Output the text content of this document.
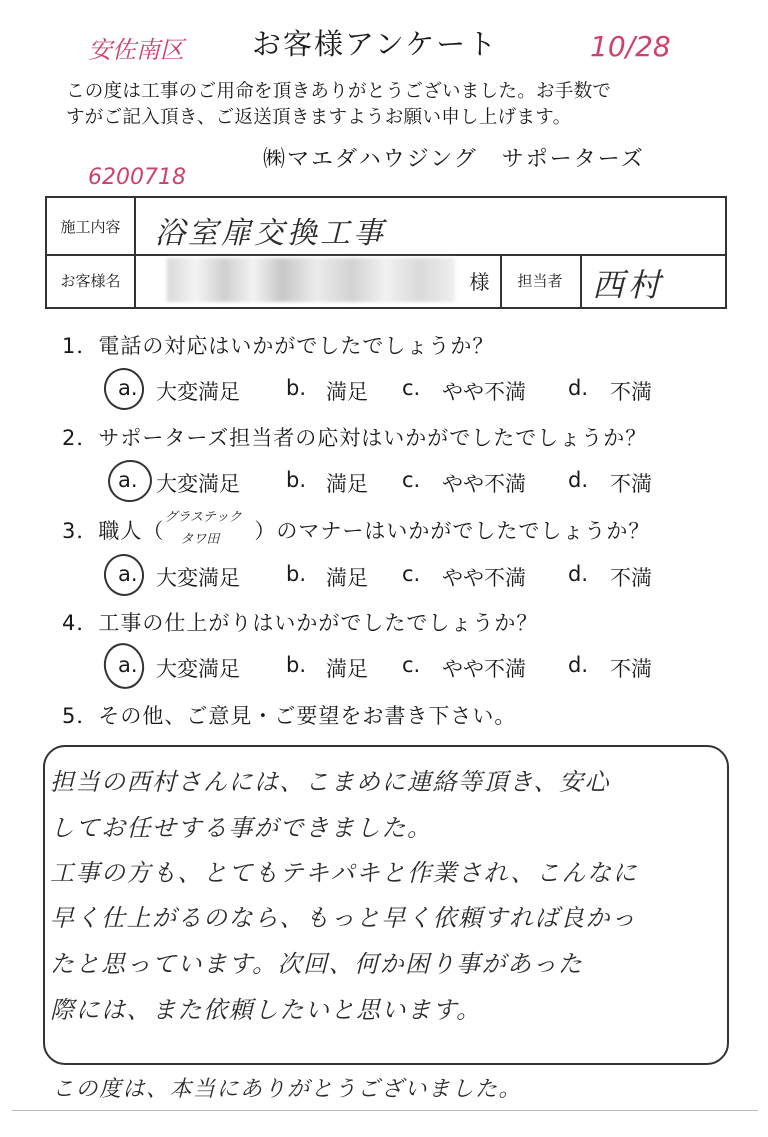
安佐南区 お客様アンケート	10/28
この度は工事のご用命を頂きありがとうございました。お手数で
すがご記入頂き、ご返送頂きますようお願い申し上げます。
6200718
㈱マエダハウジング　サポーターズ
施工内容	浴室扉交換工事
お客様名	様	担当者 西村
1．電話の対応はいかがでしたでしょうか？
a. 大変満足 b. 満足 c. やや不満 d. 不満
2．サポーターズ担当者の応対はいかがでしたでしょうか？
a. 大変満足 b. 満足 c. やや不満 d. 不満
3．職人（
グラステック
タワ田 ）のマナーはいかがでしたでしょうか？
a. 大変満足 b. 満足 c. やや不満 d. 不満
4．工事の仕上がりはいかがでしたでしょうか？
a. 大変満足 b. 満足 c. やや不満 d. 不満
5．その他、ご意見・ご要望をお書き下さい。
担当の西村さんには、こまめに連絡等頂き、安心
してお任せする事ができました。
工事の方も、とてもテキパキと作業され、こんなに
早く仕上がるのなら、もっと早く依頼すれば良かっ
たと思っています。次回、何か困り事があった
際には、また依頼したいと思います。
この度は、本当にありがとうございました。
